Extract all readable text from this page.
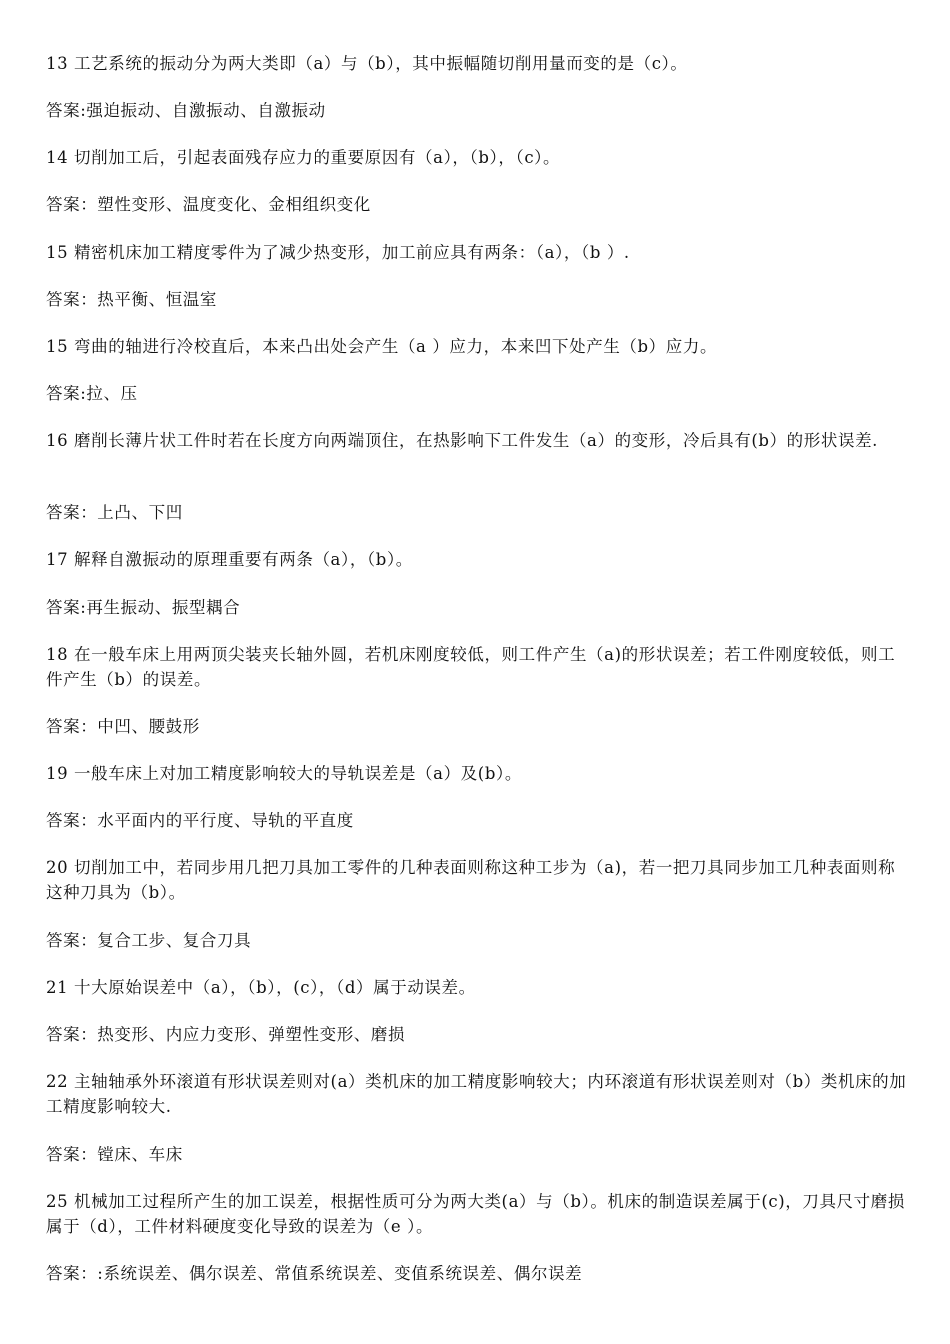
13 工艺系统的振动分为两大类即（a）与（b），其中振幅随切削用量而变的是（c）。
答案:强迫振动、自激振动、自激振动
14 切削加工后，引起表面残存应力的重要原因有（a），（b），（c）。
答案：塑性变形、温度变化、金相组织变化
15 精密机床加工精度零件为了减少热变形，加工前应具有两条：（a），（b ）.
答案：热平衡、恒温室
15 弯曲的轴进行冷校直后，本来凸出处会产生（a ）应力，本来凹下处产生（b）应力。
答案:拉、压
16 磨削长薄片状工件时若在长度方向两端顶住，在热影响下工件发生（a）的变形，冷后具有(b）的形状误差.
答案：上凸、下凹
17 解释自激振动的原理重要有两条（a），（b）。
答案:再生振动、振型耦合
18 在一般车床上用两顶尖装夹长轴外圆，若机床刚度较低，则工件产生（a)的形状误差；若工件刚度较低，则工件产生（b）的误差。
答案：中凹、腰鼓形
19 一般车床上对加工精度影响较大的导轨误差是（a）及(b）。
答案：水平面内的平行度、导轨的平直度
20 切削加工中，若同步用几把刀具加工零件的几种表面则称这种工步为（a)，若一把刀具同步加工几种表面则称这种刀具为（b）。
答案：复合工步、复合刀具
21 十大原始误差中（a），（b），(c），（d）属于动误差。
答案：热变形、内应力变形、弹塑性变形、磨损
22 主轴轴承外环滚道有形状误差则对(a）类机床的加工精度影响较大；内环滚道有形状误差则对（b）类机床的加工精度影响较大.
答案：镗床、车床
25 机械加工过程所产生的加工误差，根据性质可分为两大类(a）与（b）。机床的制造误差属于(c)，刀具尺寸磨损属于（d），工件材料硬度变化导致的误差为（e ）。
答案：:系统误差、偶尔误差、常值系统误差、变值系统误差、偶尔误差
